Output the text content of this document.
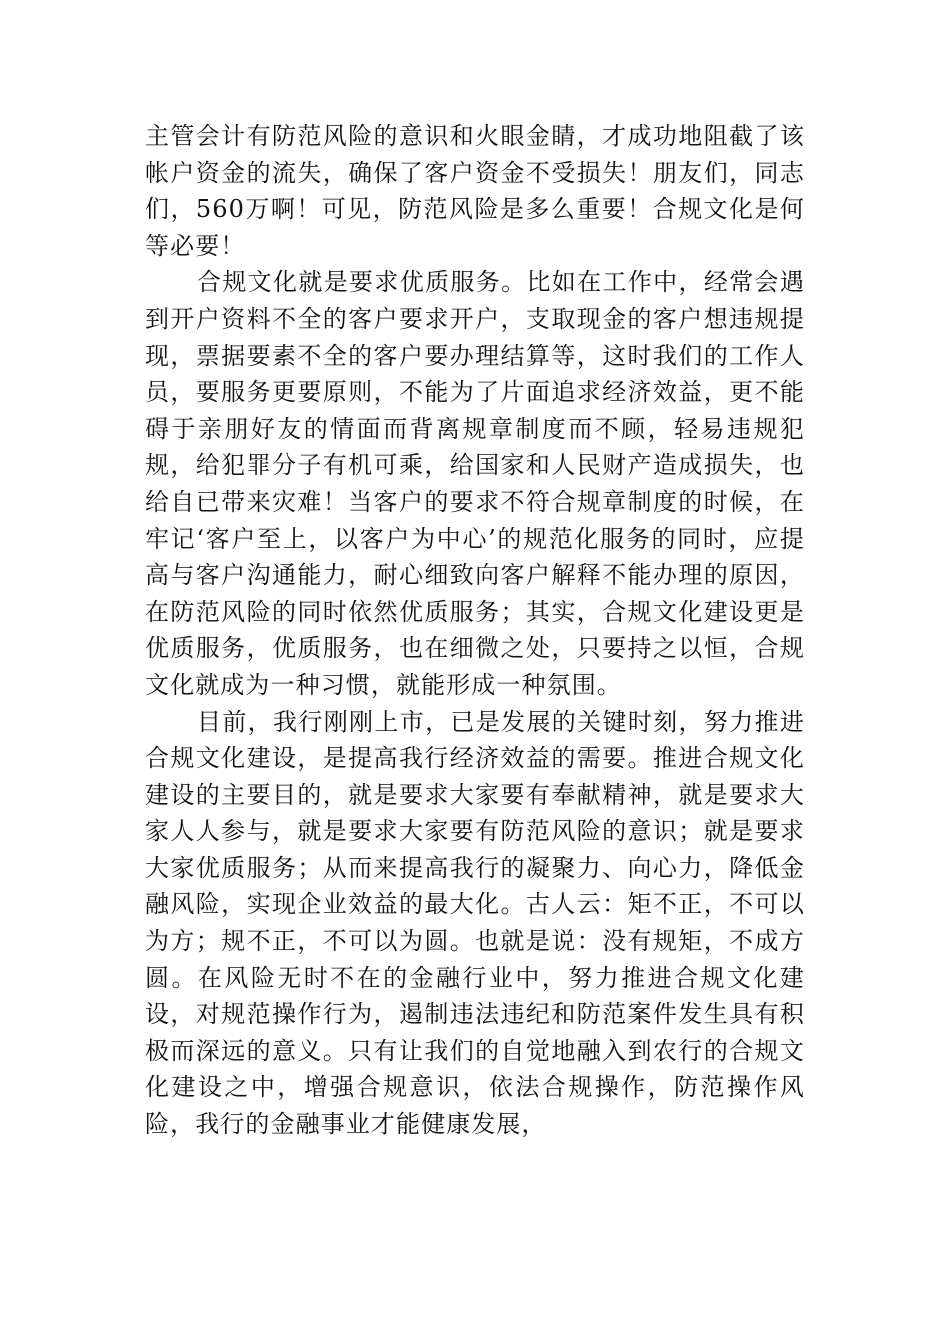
主管会计有防范风险的意识和火眼金睛，才成功地阻截了该帐户资金的流失，确保了客户资金不受损失！朋友们，同志们，560万啊！可见，防范风险是多么重要！合规文化是何等必要！

合规文化就是要求优质服务。比如在工作中，经常会遇到开户资料不全的客户要求开户，支取现金的客户想违规提现，票据要素不全的客户要办理结算等，这时我们的工作人员，要服务更要原则，不能为了片面追求经济效益，更不能碍于亲朋好友的情面而背离规章制度而不顾，轻易违规犯规，给犯罪分子有机可乘，给国家和人民财产造成损失，也给自已带来灾难！当客户的要求不符合规章制度的时候，在牢记‘客户至上，以客户为中心’的规范化服务的同时，应提高与客户沟通能力，耐心细致向客户解释不能办理的原因，在防范风险的同时依然优质服务；其实，合规文化建设更是优质服务，优质服务，也在细微之处，只要持之以恒，合规文化就成为一种习惯，就能形成一种氛围。

目前，我行刚刚上市，已是发展的关键时刻，努力推进合规文化建设，是提高我行经济效益的需要。推进合规文化建设的主要目的，就是要求大家要有奉献精神，就是要求大家人人参与，就是要求大家要有防范风险的意识；就是要求大家优质服务；从而来提高我行的凝聚力、向心力，降低金融风险，实现企业效益的最大化。古人云：矩不正，不可以为方；规不正，不可以为圆。也就是说：没有规矩，不成方圆。在风险无时不在的金融行业中，努力推进合规文化建设，对规范操作行为，遏制违法违纪和防范案件发生具有积极而深远的意义。只有让我们的自觉地融入到农行的合规文化建设之中，增强合规意识，依法合规操作，防范操作风险，我行的金融事业才能健康发展，
